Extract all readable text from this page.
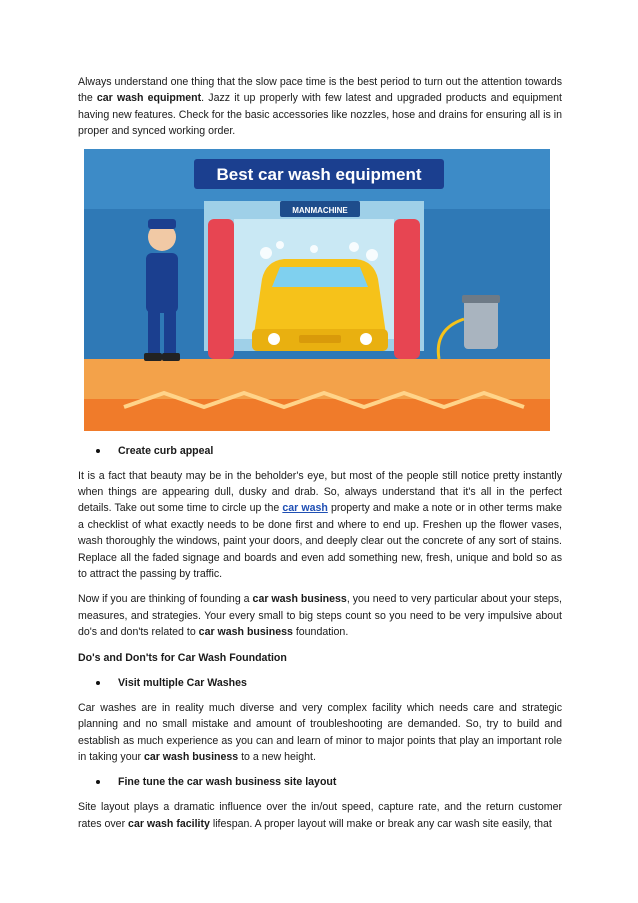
Always understand one thing that the slow pace time is the best period to turn out the attention towards the car wash equipment. Jazz it up properly with few latest and upgraded products and equipment having new features. Check for the basic accessories like nozzles, hose and drains for ensuring all is in proper and synced working order.

Best car wash equipment
MANMACHINE
Create curb appeal

It is a fact that beauty may be in the beholder's eye, but most of the people still notice pretty instantly when things are appearing dull, dusky and drab. So, always understand that it's all in the perfect details. Take out some time to circle up the car wash property and make a note or in other terms make a checklist of what exactly needs to be done first and where to end up. Freshen up the flower vases, wash thoroughly the windows, paint your doors, and deeply clear out the concrete of any sort of stains. Replace all the faded signage and boards and even add something new, fresh, unique and bold so as to attract the passing by traffic.

Now if you are thinking of founding a car wash business, you need to very particular about your steps, measures, and strategies. Your every small to big steps count so you need to be very impulsive about do's and don'ts related to car wash business foundation.

Do's and Don'ts for Car Wash Foundation
Visit multiple Car Washes

Car washes are in reality much diverse and very complex facility which needs care and strategic planning and no small mistake and amount of troubleshooting are demanded. So, try to build and establish as much experience as you can and learn of minor to major points that play an important role in taking your car wash business to a new height.

Fine tune the car wash business site layout

Site layout plays a dramatic influence over the in/out speed, capture rate, and the return customer rates over car wash facility lifespan. A proper layout will make or break any car wash site easily, that
